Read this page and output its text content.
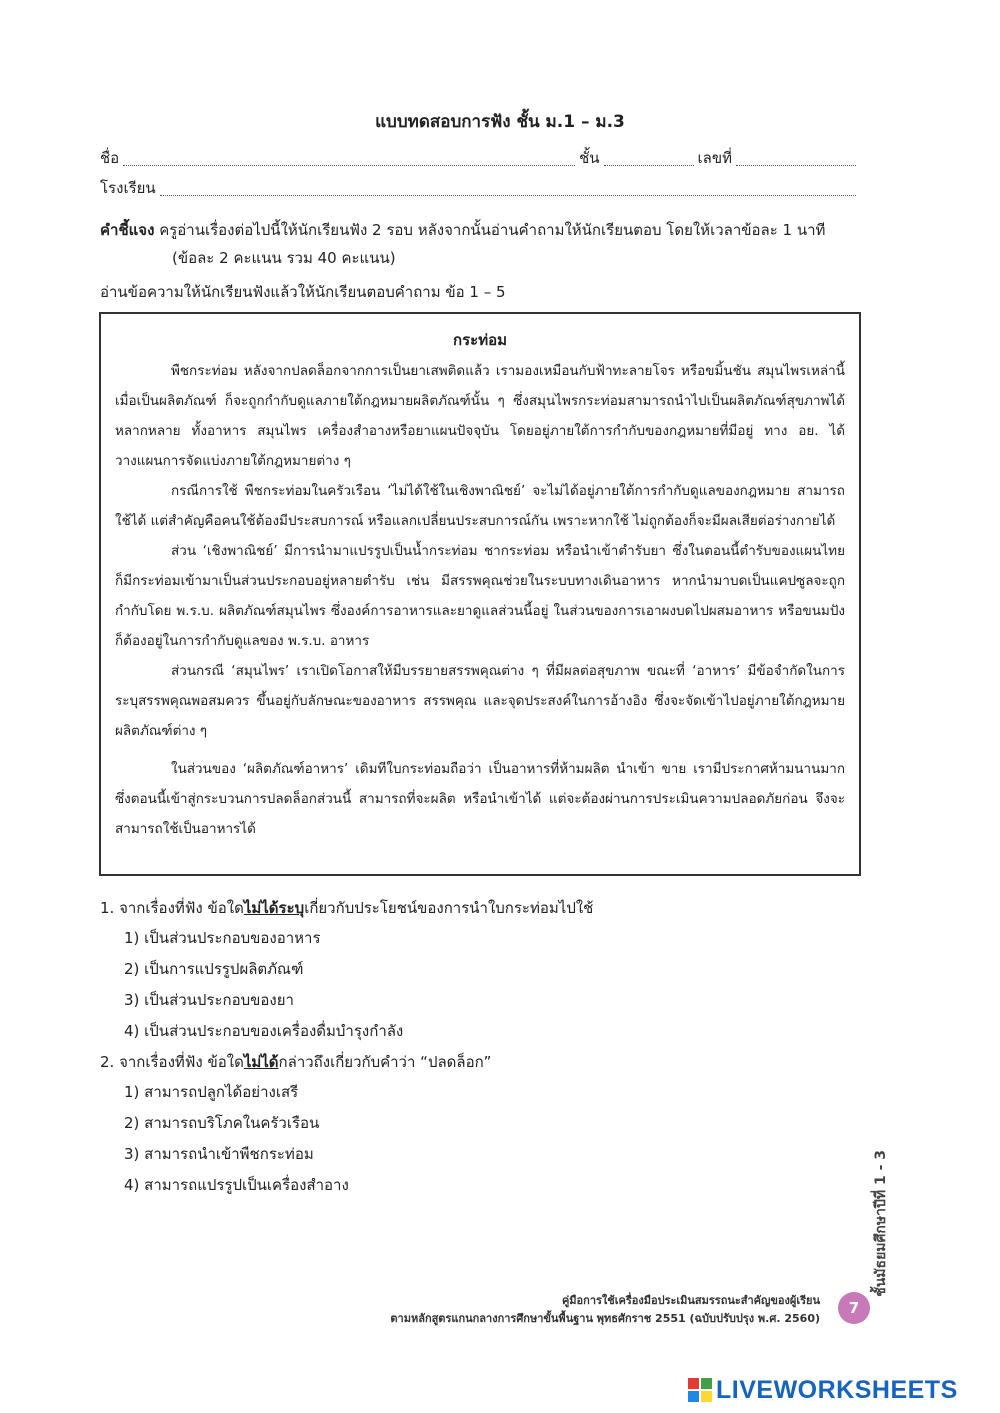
แบบทดสอบการฟัง ชั้น ม.1 – ม.3
ชื่อ	ชั้น	เลขที่
โรงเรียน
คำชี้แจง ครูอ่านเรื่องต่อไปนี้ให้นักเรียนฟัง 2 รอบ หลังจากนั้นอ่านคำถามให้นักเรียนตอบ โดยให้เวลาข้อละ 1 นาที
(ข้อละ 2 คะแนน รวม 40 คะแนน)
อ่านข้อความให้นักเรียนฟังแล้วให้นักเรียนตอบคำถาม ข้อ 1 – 5
กระท่อม

พืชกระท่อม หลังจากปลดล็อกจากการเป็นยาเสพติดแล้ว เรามองเหมือนกับฟ้าทะลายโจร หรือขมิ้นชัน สมุนไพรเหล่านี้เมื่อเป็นผลิตภัณฑ์ ก็จะถูกกำกับดูแลภายใต้กฎหมายผลิตภัณฑ์นั้น ๆ ซึ่งสมุนไพรกระท่อมสามารถนำไปเป็นผลิตภัณฑ์สุขภาพได้หลากหลาย ทั้งอาหาร สมุนไพร เครื่องสำอางหรือยาแผนปัจจุบัน โดยอยู่ภายใต้การกำกับของกฎหมายที่มีอยู่ ทาง อย. ได้วางแผนการจัดแบ่งภายใต้กฎหมายต่าง ๆ

กรณีการใช้ พืชกระท่อมในครัวเรือน ‘ไม่ได้ใช้ในเชิงพาณิชย์’ จะไม่ได้อยู่ภายใต้การกำกับดูแลของกฎหมาย สามารถใช้ได้ แต่สำคัญคือคนใช้ต้องมีประสบการณ์ หรือแลกเปลี่ยนประสบการณ์กัน เพราะหากใช้ ไม่ถูกต้องก็จะมีผลเสียต่อร่างกายได้

ส่วน ‘เชิงพาณิชย์’ มีการนำมาแปรรูปเป็นน้ำกระท่อม ชากระท่อม หรือนำเข้าตำรับยา ซึ่งในตอนนี้ตำรับของแผนไทย ก็มีกระท่อมเข้ามาเป็นส่วนประกอบอยู่หลายตำรับ เช่น มีสรรพคุณช่วยในระบบทางเดินอาหาร หากนำมาบดเป็นแคปซูลจะถูกกำกับโดย พ.ร.บ. ผลิตภัณฑ์สมุนไพร ซึ่งองค์การอาหารและยาดูแลส่วนนี้อยู่ ในส่วนของการเอาผงบดไปผสมอาหาร หรือขนมปัง ก็ต้องอยู่ในการกำกับดูแลของ พ.ร.บ. อาหาร

ส่วนกรณี ‘สมุนไพร’ เราเปิดโอกาสให้มีบรรยายสรรพคุณต่าง ๆ ที่มีผลต่อสุขภาพ ขณะที่ ‘อาหาร’ มีข้อจำกัดในการระบุสรรพคุณพอสมควร ขึ้นอยู่กับลักษณะของอาหาร สรรพคุณ และจุดประสงค์ในการอ้างอิง ซึ่งจะจัดเข้าไปอยู่ภายใต้กฎหมายผลิตภัณฑ์ต่าง ๆ

ในส่วนของ ‘ผลิตภัณฑ์อาหาร’ เดิมทีใบกระท่อมถือว่า เป็นอาหารที่ห้ามผลิต นำเข้า ขาย เรามีประกาศห้ามนานมาก ซึ่งตอนนี้เข้าสู่กระบวนการปลดล็อกส่วนนี้ สามารถที่จะผลิต หรือนำเข้าได้ แต่จะต้องผ่านการประเมินความปลอดภัยก่อน จึงจะสามารถใช้เป็นอาหารได้

1. จากเรื่องที่ฟัง ข้อใดไม่ได้ระบุเกี่ยวกับประโยชน์ของการนำใบกระท่อมไปใช้
1) เป็นส่วนประกอบของอาหาร
2) เป็นการแปรรูปผลิตภัณฑ์
3) เป็นส่วนประกอบของยา
4) เป็นส่วนประกอบของเครื่องดื่มบำรุงกำลัง
2. จากเรื่องที่ฟัง ข้อใดไม่ได้กล่าวถึงเกี่ยวกับคำว่า “ปลดล็อก”
1) สามารถปลูกได้อย่างเสรี
2) สามารถบริโภคในครัวเรือน
3) สามารถนำเข้าพืชกระท่อม
4) สามารถแปรรูปเป็นเครื่องสำอาง	ชั้นมัธยมศึกษาปีที่ 1 - 3
คู่มือการใช้เครื่องมือประเมินสมรรถนะสำคัญของผู้เรียน
ตามหลักสูตรแกนกลางการศึกษาขั้นพื้นฐาน พุทธศักราช 2551 (ฉบับปรับปรุง พ.ศ. 2560)
7
LIVEWORKSHEETS
